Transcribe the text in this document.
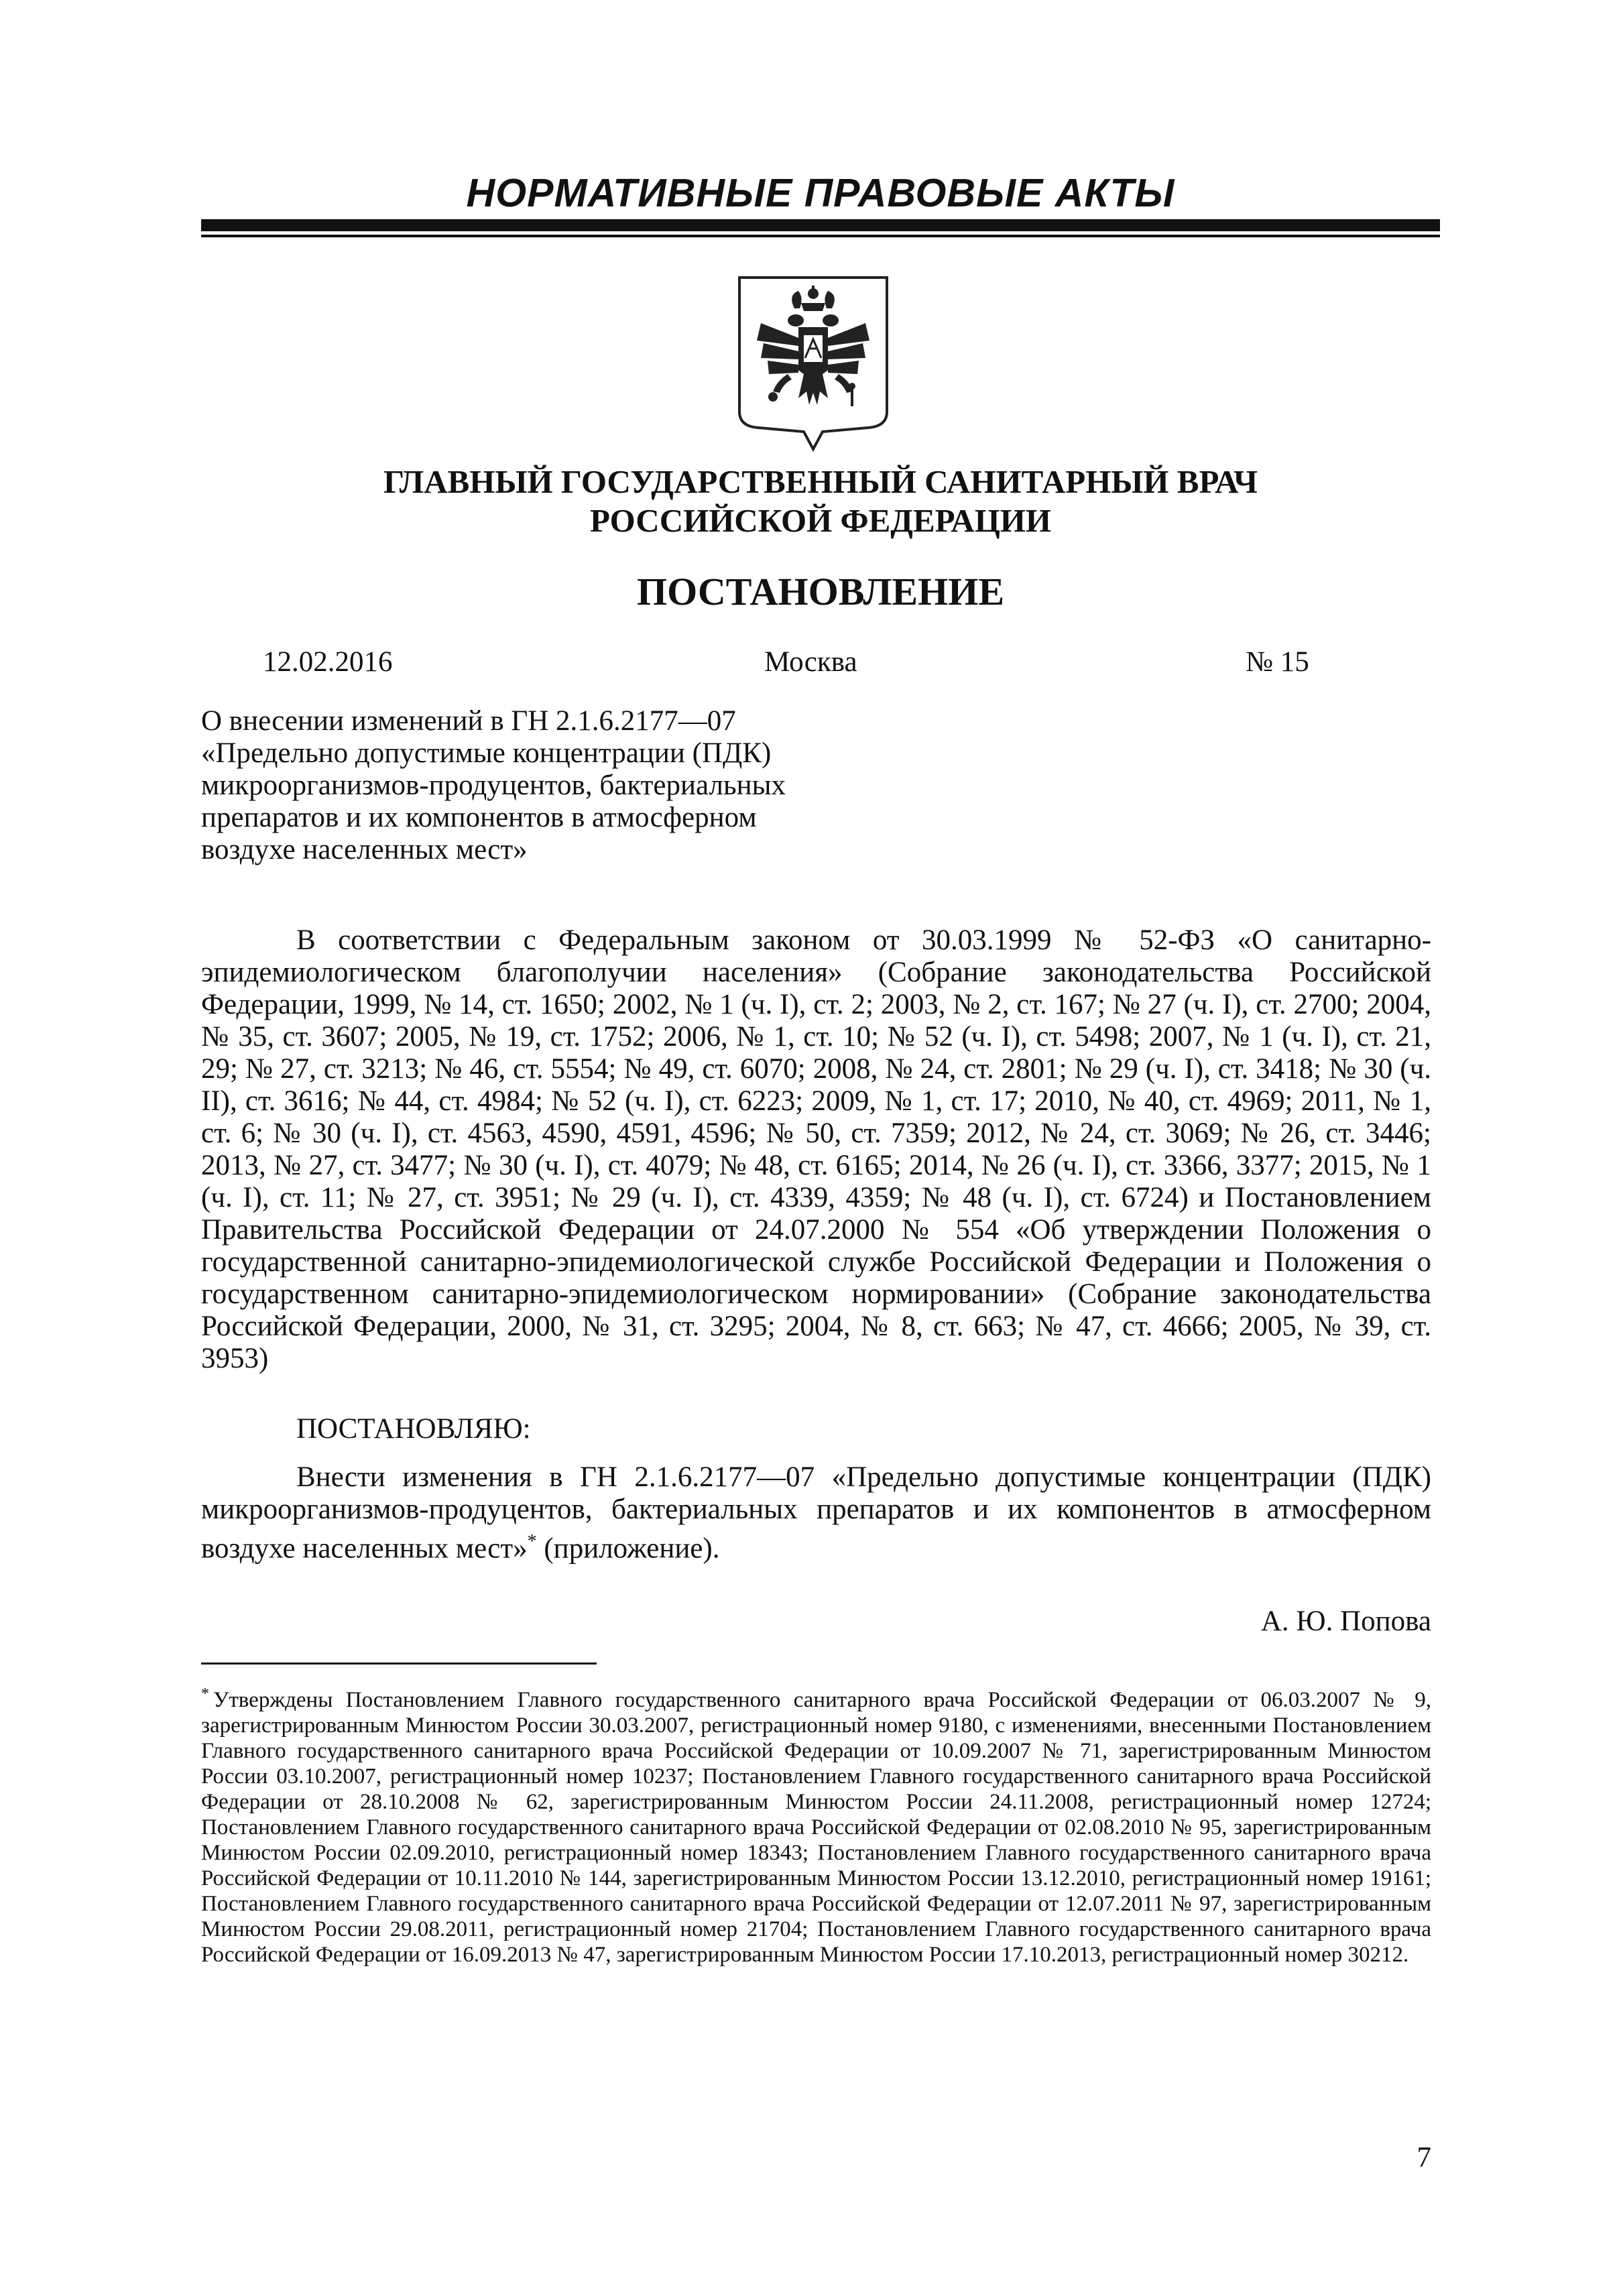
НОРМАТИВНЫЕ ПРАВОВЫЕ АКТЫ
ГЛАВНЫЙ ГОСУДАРСТВЕННЫЙ САНИТАРНЫЙ ВРАЧ
РОССИЙСКОЙ ФЕДЕРАЦИИ
ПОСТАНОВЛЕНИЕ
12.02.2016	Москва	№ 15
О внесении изменений в ГН 2.1.6.2177—07
«Предельно допустимые концентрации (ПДК)
микроорганизмов-продуцентов, бактериальных
препаратов и их компонентов в атмосферном
воздухе населенных мест»
В соответствии с Федеральным законом от 30.03.1999 № 52-ФЗ «О санитарно-эпидемиологическом благополучии населения» (Собрание законодательства Российской Федерации, 1999, № 14, ст. 1650; 2002, № 1 (ч. I), ст. 2; 2003, № 2, ст. 167; № 27 (ч. I), ст. 2700; 2004, № 35, ст. 3607; 2005, № 19, ст. 1752; 2006, № 1, ст. 10; № 52 (ч. I), ст. 5498; 2007, № 1 (ч. I), ст. 21, 29; № 27, ст. 3213; № 46, ст. 5554; № 49, ст. 6070; 2008, № 24, ст. 2801; № 29 (ч. I), ст. 3418; № 30 (ч. II), ст. 3616; № 44, ст. 4984; № 52 (ч. I), ст. 6223; 2009, № 1, ст. 17; 2010, № 40, ст. 4969; 2011, № 1, ст. 6; № 30 (ч. I), ст. 4563, 4590, 4591, 4596; № 50, ст. 7359; 2012, № 24, ст. 3069; № 26, ст. 3446; 2013, № 27, ст. 3477; № 30 (ч. I), ст. 4079; № 48, ст. 6165; 2014, № 26 (ч. I), ст. 3366, 3377; 2015, № 1 (ч. I), ст. 11; № 27, ст. 3951; № 29 (ч. I), ст. 4339, 4359; № 48 (ч. I), ст. 6724) и Постановлением Правительства Российской Федерации от 24.07.2000 № 554 «Об утверждении Положения о государственной санитарно-эпидемиологической службе Российской Федерации и Положения о государственном санитарно-эпидемиологическом нормировании» (Собрание законодательства Российской Федерации, 2000, № 31, ст. 3295; 2004, № 8, ст. 663; № 47, ст. 4666; 2005, № 39, ст. 3953)
ПОСТАНОВЛЯЮ:
Внести изменения в ГН 2.1.6.2177—07 «Предельно допустимые концентрации (ПДК) микроорганизмов-продуцентов, бактериальных препаратов и их компонентов в атмосферном воздухе населенных мест»* (приложение).
А. Ю. Попова
* Утверждены Постановлением Главного государственного санитарного врача Российской Федерации от 06.03.2007 № 9, зарегистрированным Минюстом России 30.03.2007, регистрационный номер 9180, с изменениями, внесенными Постановлением Главного государственного санитарного врача Российской Федерации от 10.09.2007 № 71, зарегистрированным Минюстом России 03.10.2007, регистрационный номер 10237; Постановлением Главного государственного санитарного врача Российской Федерации от 28.10.2008 № 62, зарегистрированным Минюстом России 24.11.2008, регистрационный номер 12724; Постановлением Главного государственного санитарного врача Российской Федерации от 02.08.2010 № 95, зарегистрированным Минюстом России 02.09.2010, регистрационный номер 18343; Постановлением Главного государственного санитарного врача Российской Федерации от 10.11.2010 № 144, зарегистрированным Минюстом России 13.12.2010, регистрационный номер 19161; Постановлением Главного государственного санитарного врача Российской Федерации от 12.07.2011 № 97, зарегистрированным Минюстом России 29.08.2011, регистрационный номер 21704; Постановлением Главного государственного санитарного врача Российской Федерации от 16.09.2013 № 47, зарегистрированным Минюстом России 17.10.2013, регистрационный номер 30212.
7
